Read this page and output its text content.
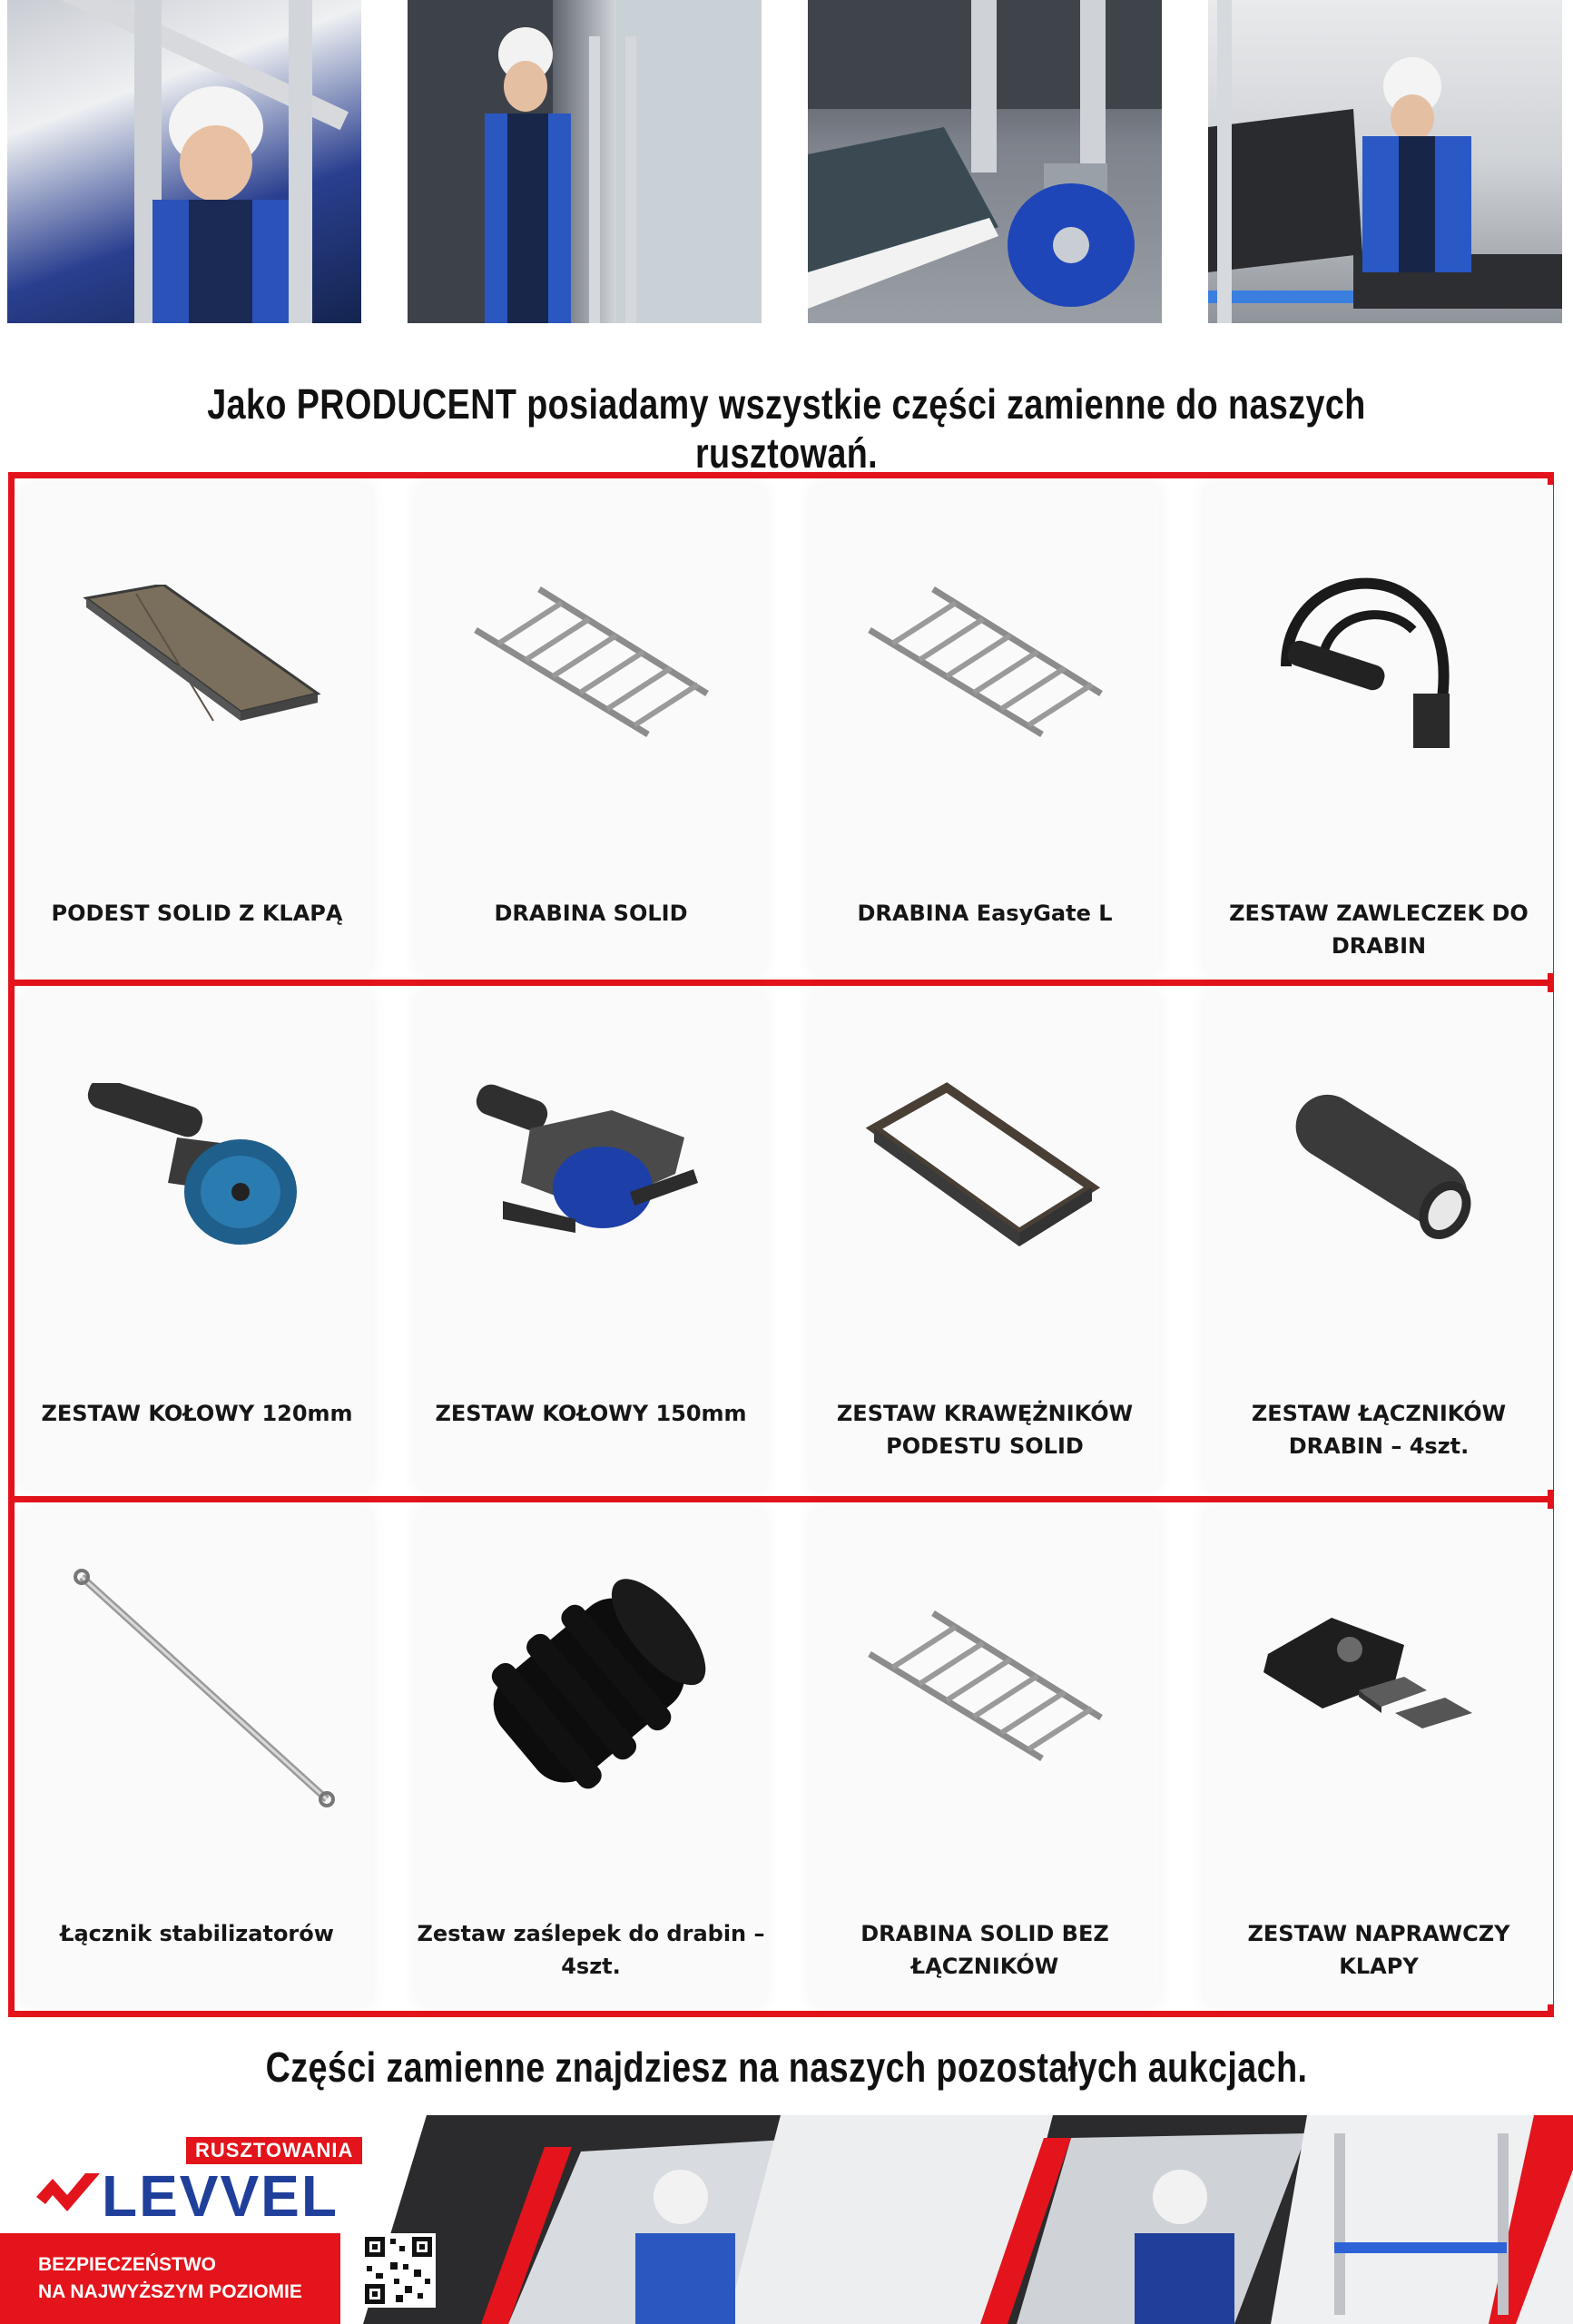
Jako PRODUCENT posiadamy wszystkie części zamienne do naszych rusztowań.
PODEST SOLID Z KLAPĄ	DRABINA SOLID	DRABINA EasyGate L	ZESTAW ZAWLECZEK DO DRABIN
ZESTAW KOŁOWY 120mm	ZESTAW KOŁOWY 150mm	ZESTAW KRAWĘŻNIKÓW PODESTU SOLID
ZESTAW ŁĄCZNIKÓW DRABIN – 4szt.
Łącznik stabilizatorów	Zestaw zaślepek do drabin – 4szt.
DRABINA SOLID BEZ ŁĄCZNIKÓW
ZESTAW NAPRAWCZY KLAPY
Części zamienne znajdziesz na naszych pozostałych aukcjach.
RUSZTOWANIA
LEVVEL
BEZPIECZEŃSTWO
NA NAJWYŻSZYM POZIOMIE
